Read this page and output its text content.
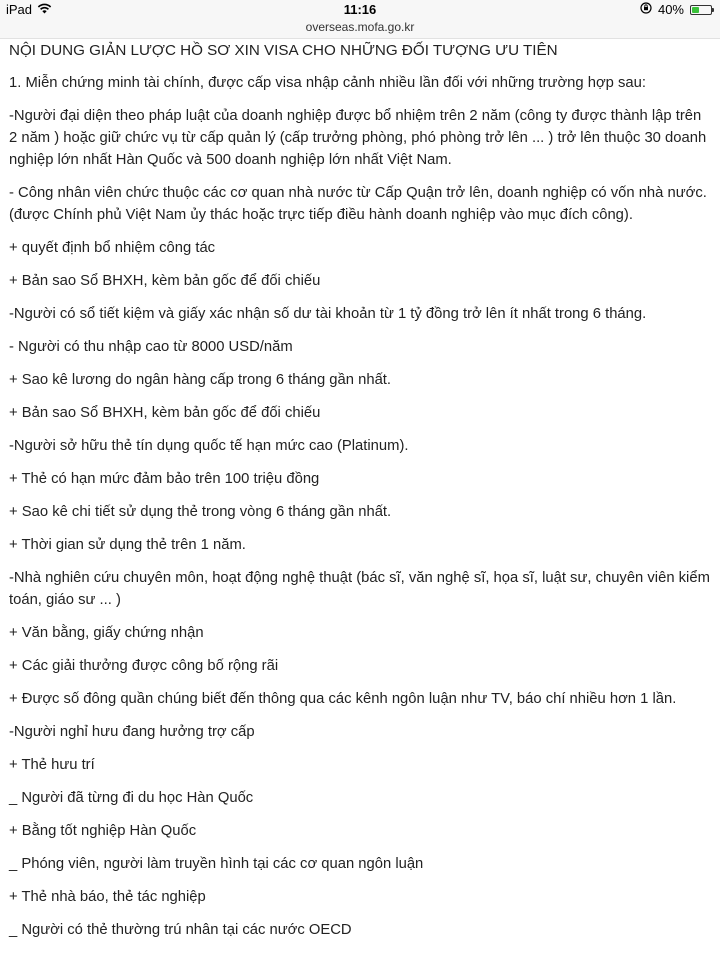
iPad	11:16	40%
overseas.mofa.go.kr
NỘI DUNG GIẢN LƯỢC HỒ SƠ XIN VISA CHO NHỮNG ĐỐI TƯỢNG ƯU TIÊN

1. Miễn chứng minh tài chính, được cấp visa nhập cảnh nhiều lần đối với những trường hợp sau:

-Người đại diện theo pháp luật của doanh nghiệp được bổ nhiệm trên 2 năm (công ty được thành lập trên 2 năm ) hoặc giữ chức vụ từ cấp quản lý (cấp trưởng phòng, phó phòng trở lên ... ) trở lên thuộc 30 doanh nghiệp lớn nhất Hàn Quốc và 500 doanh nghiệp lớn nhất Việt Nam.

- Công nhân viên chức thuộc các cơ quan nhà nước từ Cấp Quận trở lên, doanh nghiệp có vốn nhà nước. (được Chính phủ Việt Nam ủy thác hoặc trực tiếp điều hành doanh nghiệp vào mục đích công).

+ quyết định bổ nhiệm công tác

+ Bản sao Sổ BHXH, kèm bản gốc để đối chiếu

-Người có sổ tiết kiệm và giấy xác nhận số dư tài khoản từ 1 tỷ đồng trở lên ít nhất trong 6 tháng.

- Người có thu nhập cao từ 8000 USD/năm

+ Sao kê lương do ngân hàng cấp trong 6 tháng gần nhất.

+ Bản sao Sổ BHXH, kèm bản gốc để đối chiếu

-Người sở hữu thẻ tín dụng quốc tế hạn mức cao (Platinum).

+ Thẻ có hạn mức đảm bảo trên 100 triệu đồng

+ Sao kê chi tiết sử dụng thẻ trong vòng 6 tháng gần nhất.

+ Thời gian sử dụng thẻ trên 1 năm.

-Nhà nghiên cứu chuyên môn, hoạt động nghệ thuật (bác sĩ, văn nghệ sĩ, họa sĩ, luật sư, chuyên viên kiểm toán, giáo sư ... )

+ Văn bằng, giấy chứng nhận

+ Các giải thưởng được công bố rộng rãi

+ Được số đông quần chúng biết đến thông qua các kênh ngôn luận như TV, báo chí nhiều hơn 1 lần.

-Người nghỉ hưu đang hưởng trợ cấp

+ Thẻ hưu trí

_ Người đã từng đi du học Hàn Quốc

+ Bằng tốt nghiệp Hàn Quốc

_ Phóng viên, người làm truyền hình tại các cơ quan ngôn luận

+ Thẻ nhà báo, thẻ tác nghiệp

_ Người có thẻ thường trú nhân tại các nước OECD
